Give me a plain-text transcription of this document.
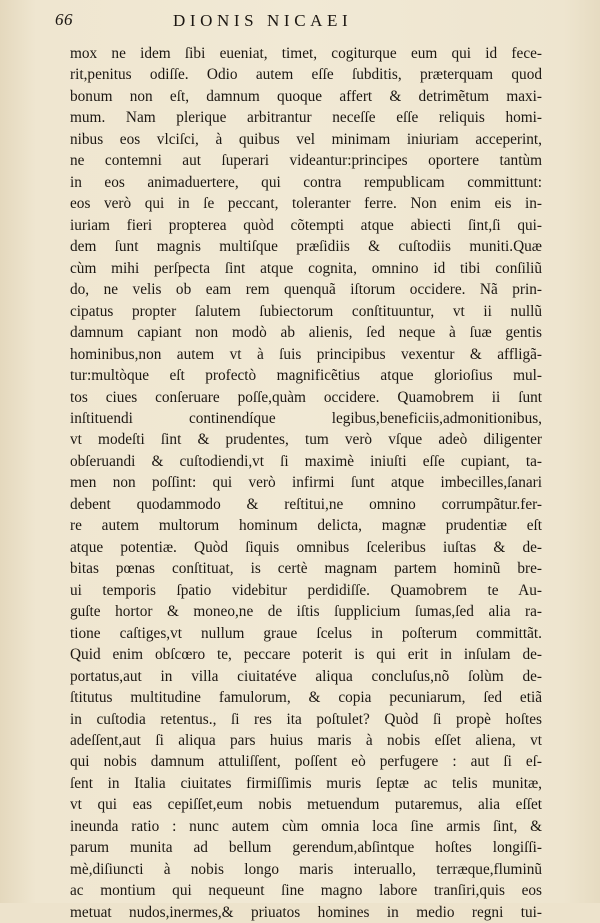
66	DIONIS NICAEI
mox ne idem ſibi eueniat, timet, cogiturque eum qui id fece-
rit,penitus odiſſe. Odio autem eſſe ſubditis, præterquam quod
bonum non eſt, damnum quoque affert & detrimẽtum maxi-
mum. Nam plerique arbitrantur neceſſe eſſe reliquis homi-
nibus eos vlciſci, à quibus vel minimam iniuriam acceperint,
ne contemni aut ſuperari videantur:principes oportere tantùm
in eos animaduertere, qui contra rempublicam committunt:
eos verò qui in ſe peccant, toleranter ferre. Non enim eis in-
iuriam fieri propterea quòd cõtempti atque abiecti ſint,ſi qui-
dem ſunt magnis multiſque præſidiis & cuſtodiis muniti.Quæ
cùm mihi perſpecta ſint atque cognita, omnino id tibi conſiliũ
do, ne velis ob eam rem quenquã iſtorum occidere. Nã prin-
cipatus propter ſalutem ſubiectorum conſtituuntur, vt ii nullũ
damnum capiant non modò ab alienis, ſed neque à ſuæ gentis
hominibus,non autem vt à ſuis principibus vexentur & affligã-
tur:multòque eſt profectò magnificẽtius atque glorioſius mul-
tos ciues conſeruare poſſe,quàm occidere. Quamobrem ii ſunt
inſtituendi continendíque legibus,beneficiis,admonitionibus,
vt modeſti ſint & prudentes, tum verò vſque adeò diligenter
obſeruandi & cuſtodiendi,vt ſi maximè iniuſti eſſe cupiant, ta-
men non poſſint: qui verò infirmi ſunt atque imbecilles,ſanari
debent quodammodo & reſtitui,ne omnino corrumpãtur.fer-
re autem multorum hominum delicta, magnæ prudentiæ eſt
atque potentiæ. Quòd ſiquis omnibus ſceleribus iuſtas & de-
bitas pœnas conſtituat, is certè magnam partem hominũ bre-
ui temporis ſpatio videbitur perdidiſſe. Quamobrem te Au-
guſte hortor & moneo,ne de iſtis ſupplicium ſumas,ſed alia ra-
tione caſtiges,vt nullum graue ſcelus in poſterum committãt.
Quid enim obſcœro te, peccare poterit is qui erit in inſulam de-
portatus,aut in villa ciuitatéve aliqua concluſus,nõ ſolùm de-
ſtitutus multitudine famulorum, & copia pecuniarum, ſed etiã
in cuſtodia retentus., ſi res ita poſtulet? Quòd ſi propè hoſtes
adeſſent,aut ſi aliqua pars huius maris à nobis eſſet aliena, vt
qui nobis damnum attuliſſent, poſſent eò perfugere : aut ſi eſ-
ſent in Italia ciuitates firmiſſimis muris ſeptæ ac telis munitæ,
vt qui eas cepiſſet,eum nobis metuendum putaremus, alia eſſet
ineunda ratio : nunc autem cùm omnia loca ſine armis ſint, &
parum munita ad bellum gerendum,abſintque hoſtes longiſſi-
mè,diſiuncti à nobis longo maris interuallo, terræque,fluminũ
ac montium qui nequeunt ſine magno labore tranſiri,quis eos
metuat nudos,inermes,& priuatos homines in medio regni tui-
